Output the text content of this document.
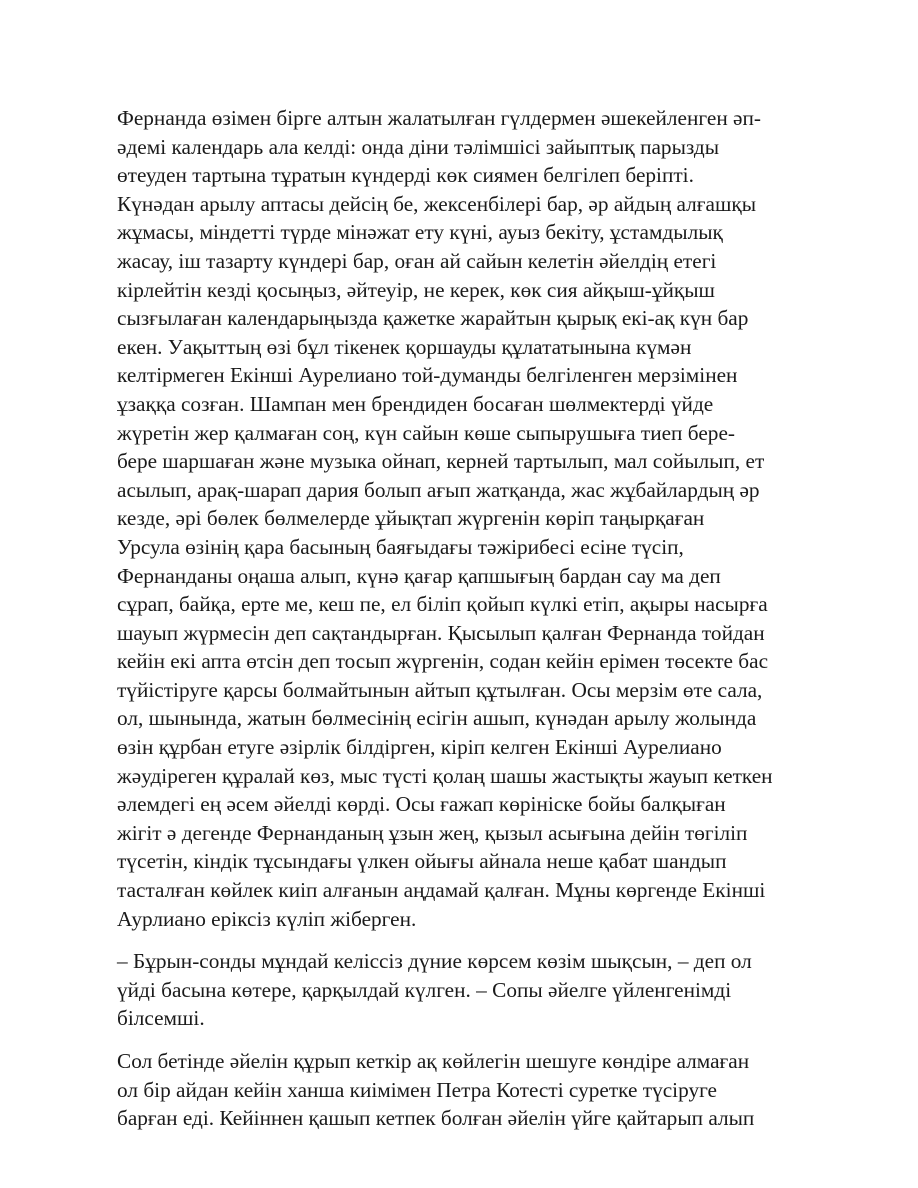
Фернанда өзімен бірге алтын жалатылған гүлдермен әшекейленген әп-
әдемі календарь ала келді: онда діни тәлімшісі зайыптық парызды
өтеуден тартына тұратын күндерді көк сиямен белгілеп беріпті.
Күнәдан арылу аптасы дейсің бе, жексенбілері бар, әр айдың алғашқы
жұмасы, міндетті түрде мінәжат ету күні, ауыз бекіту, ұстамдылық
жасау, іш тазарту күндері бар, оған ай сайын келетін әйелдің етегі
кірлейтін кезді қосыңыз, әйтеуір, не керек, көк сия айқыш-ұйқыш
сызғылаған календарыңызда қажетке жарайтын қырық екі-ақ күн бар
екен. Уақыттың өзі бұл тікенек қоршауды құлататынына күмән
келтірмеген Екінші Аурелиано той-думанды белгіленген мерзімінен
ұзаққа созған. Шампан мен брендиден босаған шөлмектерді үйде
жүретін жер қалмаған соң, күн сайын көше сыпырушыға тиеп бере-
бере шаршаған және музыка ойнап, керней тартылып, мал сойылып, ет
асылып, арақ-шарап дария болып ағып жатқанда, жас жұбайлардың әр
кезде, әрі бөлек бөлмелерде ұйықтап жүргенін көріп таңырқаған
Урсула өзінің қара басының баяғыдағы тәжірибесі есіне түсіп,
Фернанданы оңаша алып, күнә қағар қапшығың бардан сау ма деп
сұрап, байқа, ерте ме, кеш пе, ел біліп қойып күлкі етіп, ақыры насырға
шауып жүрмесін деп сақтандырған. Қысылып қалған Фернанда тойдан
кейін екі апта өтсін деп тосып жүргенін, содан кейін ерімен төсекте бас
түйістіруге қарсы болмайтынын айтып құтылған. Осы мерзім өте сала,
ол, шынында, жатын бөлмесінің есігін ашып, күнәдан арылу жолында
өзін құрбан етуге әзірлік білдірген, кіріп келген Екінші Аурелиано
жәудіреген құралай көз, мыс түсті қолаң шашы жастықты жауып кеткен
әлемдегі ең әсем әйелді көрді. Осы ғажап көрініске бойы балқыған
жігіт ә дегенде Фернанданың ұзын жең, қызыл асығына дейін төгіліп
түсетін, кіндік тұсындағы үлкен ойығы айнала неше қабат шандып
тасталған көйлек киіп алғанын аңдамай қалған. Мұны көргенде Екінші
Аурлиано еріксіз күліп жіберген.
– Бұрын-сонды мұндай келіссіз дүние көрсем көзім шықсын, – деп ол
үйді басына көтере, қарқылдай күлген. – Сопы әйелге үйленгенімді
білсемші.
Сол бетінде әйелін құрып кеткір ақ көйлегін шешуге көндіре алмаған
ол бір айдан кейін ханша киімімен Петра Котесті суретке түсіруге
барған еді. Кейіннен қашып кетпек болған әйелін үйге қайтарып алып
